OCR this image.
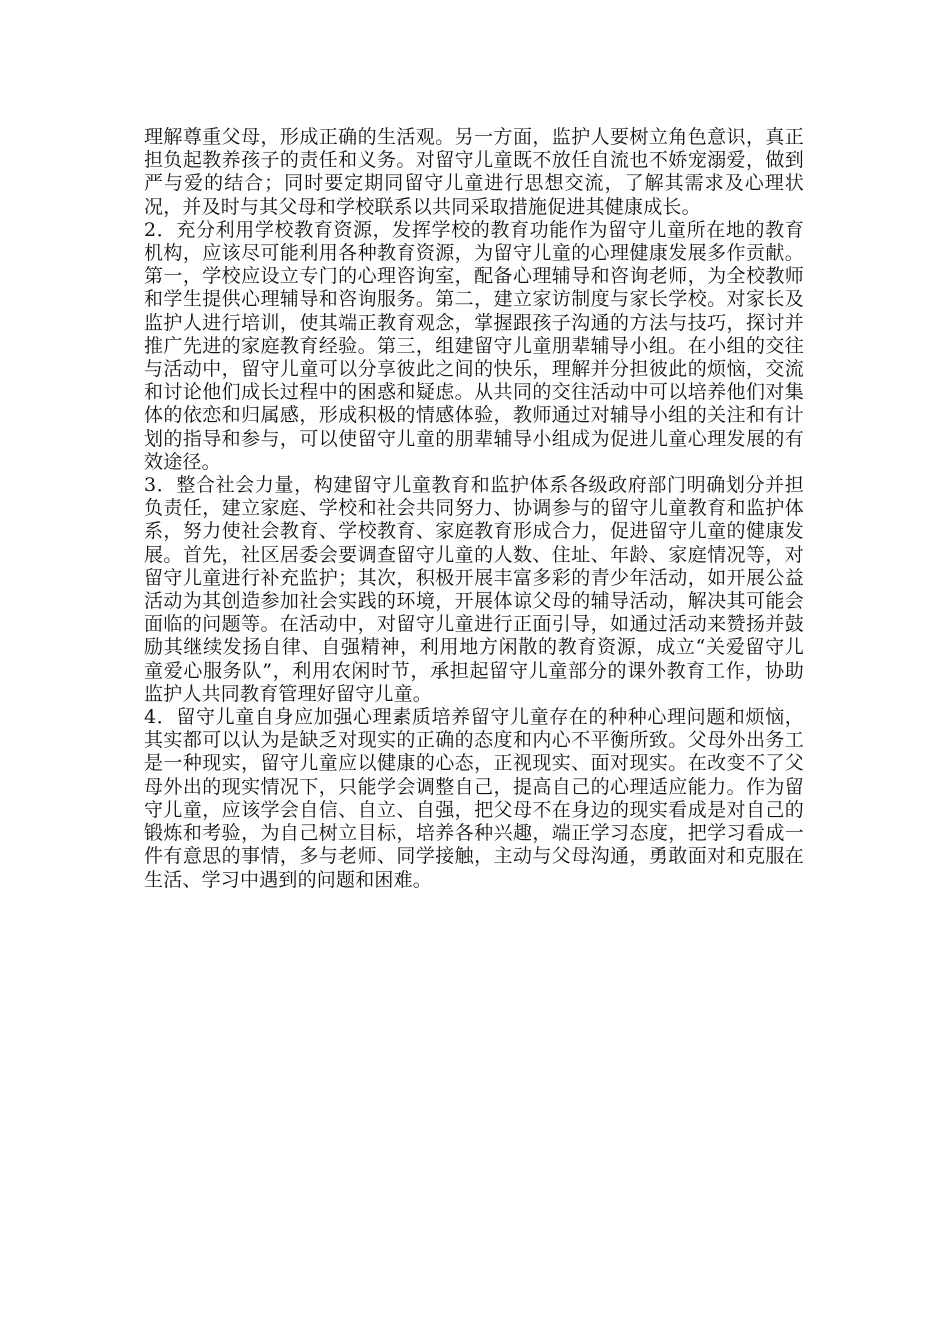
理解尊重父母，形成正确的生活观。另一方面，监护人要树立角色意识，真正担负起教养孩子的责任和义务。对留守儿童既不放任自流也不娇宠溺爱，做到严与爱的结合；同时要定期同留守儿童进行思想交流，了解其需求及心理状况，并及时与其父母和学校联系以共同采取措施促进其健康成长。

2．充分利用学校教育资源，发挥学校的教育功能作为留守儿童所在地的教育机构，应该尽可能利用各种教育资源，为留守儿童的心理健康发展多作贡献。第一，学校应设立专门的心理咨询室，配备心理辅导和咨询老师，为全校教师和学生提供心理辅导和咨询服务。第二，建立家访制度与家长学校。对家长及监护人进行培训，使其端正教育观念，掌握跟孩子沟通的方法与技巧，探讨并推广先进的家庭教育经验。第三，组建留守儿童朋辈辅导小组。在小组的交往与活动中，留守儿童可以分享彼此之间的快乐，理解并分担彼此的烦恼，交流和讨论他们成长过程中的困惑和疑虑。从共同的交往活动中可以培养他们对集体的依恋和归属感，形成积极的情感体验，教师通过对辅导小组的关注和有计划的指导和参与，可以使留守儿童的朋辈辅导小组成为促进儿童心理发展的有效途径。

3．整合社会力量，构建留守儿童教育和监护体系各级政府部门明确划分并担负责任，建立家庭、学校和社会共同努力、协调参与的留守儿童教育和监护体系，努力使社会教育、学校教育、家庭教育形成合力，促进留守儿童的健康发展。首先，社区居委会要调查留守儿童的人数、住址、年龄、家庭情况等，对留守儿童进行补充监护；其次，积极开展丰富多彩的青少年活动，如开展公益活动为其创造参加社会实践的环境，开展体谅父母的辅导活动，解决其可能会面临的问题等。在活动中，对留守儿童进行正面引导，如通过活动来赞扬并鼓励其继续发扬自律、自强精神，利用地方闲散的教育资源，成立“关爱留守儿童爱心服务队”，利用农闲时节，承担起留守儿童部分的课外教育工作，协助监护人共同教育管理好留守儿童。

4．留守儿童自身应加强心理素质培养留守儿童存在的种种心理问题和烦恼，其实都可以认为是缺乏对现实的正确的态度和内心不平衡所致。父母外出务工是一种现实，留守儿童应以健康的心态，正视现实、面对现实。在改变不了父母外出的现实情况下，只能学会调整自己，提高自己的心理适应能力。作为留守儿童，应该学会自信、自立、自强，把父母不在身边的现实看成是对自己的锻炼和考验，为自己树立目标，培养各种兴趣，端正学习态度，把学习看成一件有意思的事情，多与老师、同学接触，主动与父母沟通，勇敢面对和克服在生活、学习中遇到的问题和困难。
